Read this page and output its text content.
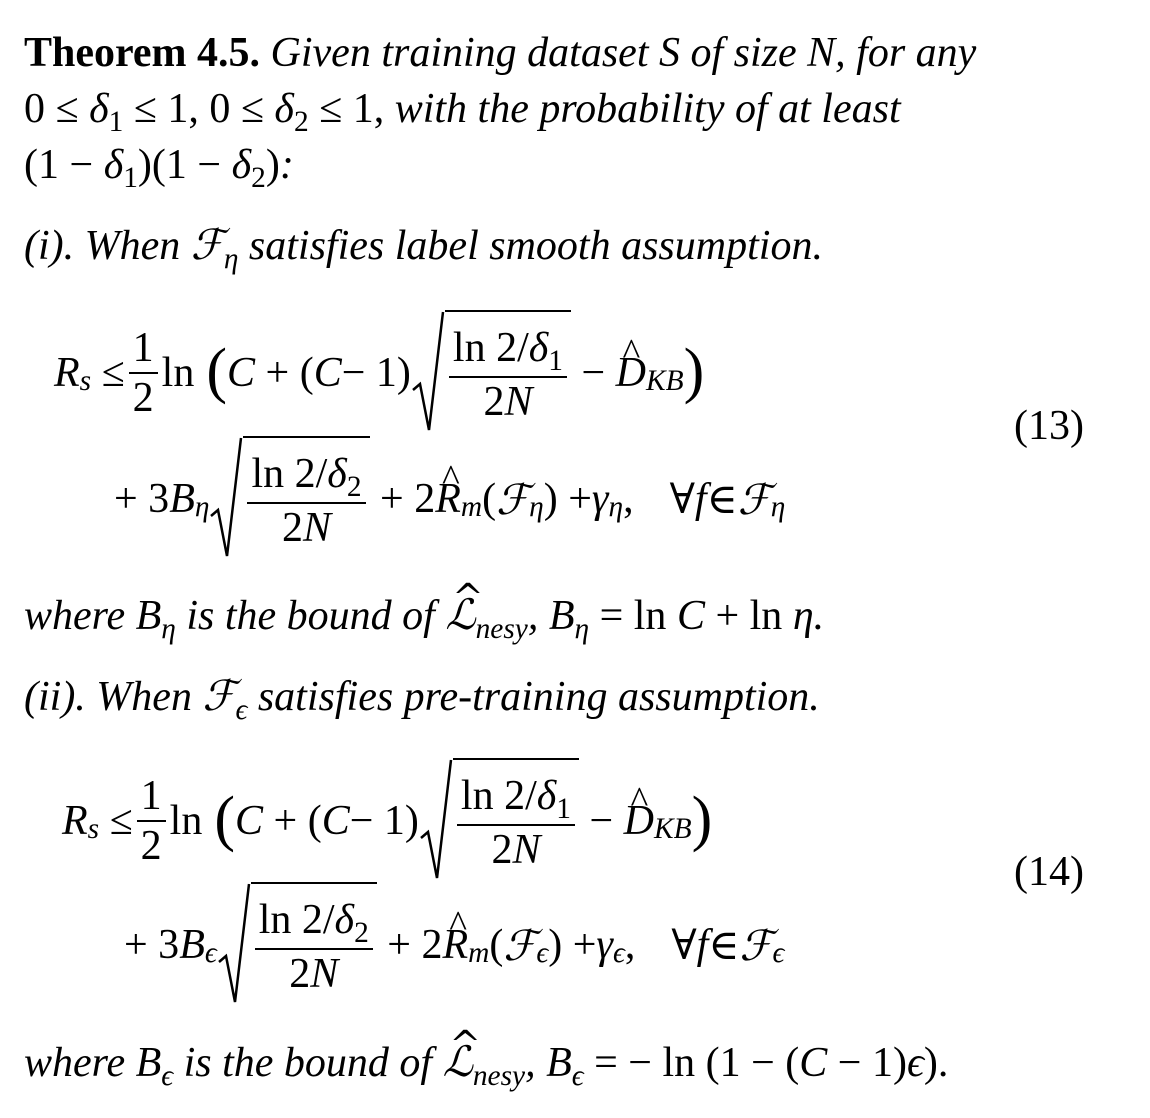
Theorem 4.5. Given training dataset S of size N, for any
$0 \le \delta_1 \le 1$, $0 \le \delta_2 \le 1$, with the probability of at least
$(1 - \delta_1)(1 - \delta_2)$:
(i). When ℱ$_\eta$ satisfies label smooth assumption.
R $s \le \frac{1}{2}$ ln ( C + ( $C - 1) \frac{\ln 2/\delta_1}{2N}$ − ^ D KB )
(13)
+ 3 B η $\frac{\ln 2/\delta_2}{2N} + 2$ ^ R m ( ℱ η ) + γ η , ∀ f ∈ ℱ η
where $B_\eta$ is the bound of ^ ℒ$_{nesy}$, $B_\eta = \ln C + \ln \eta$.
(ii). When ℱ$_\epsilon$ satisfies pre-training assumption.
R $s \le \frac{1}{2}$ ln ( C + ( $C - 1) \frac{\ln 2/\delta_1}{2N}$ − ^ D KB )
(14)
+ 3 B ϵ $\frac{\ln 2/\delta_2}{2N} + 2$ ^ R m ( ℱ ϵ ) + γ ϵ , ∀ f ∈ ℱ ϵ
where $B_\epsilon$ is the bound of ^ ℒ$_{nesy}$, $B_\epsilon$ = − ln (1 − (C − 1)ϵ).
